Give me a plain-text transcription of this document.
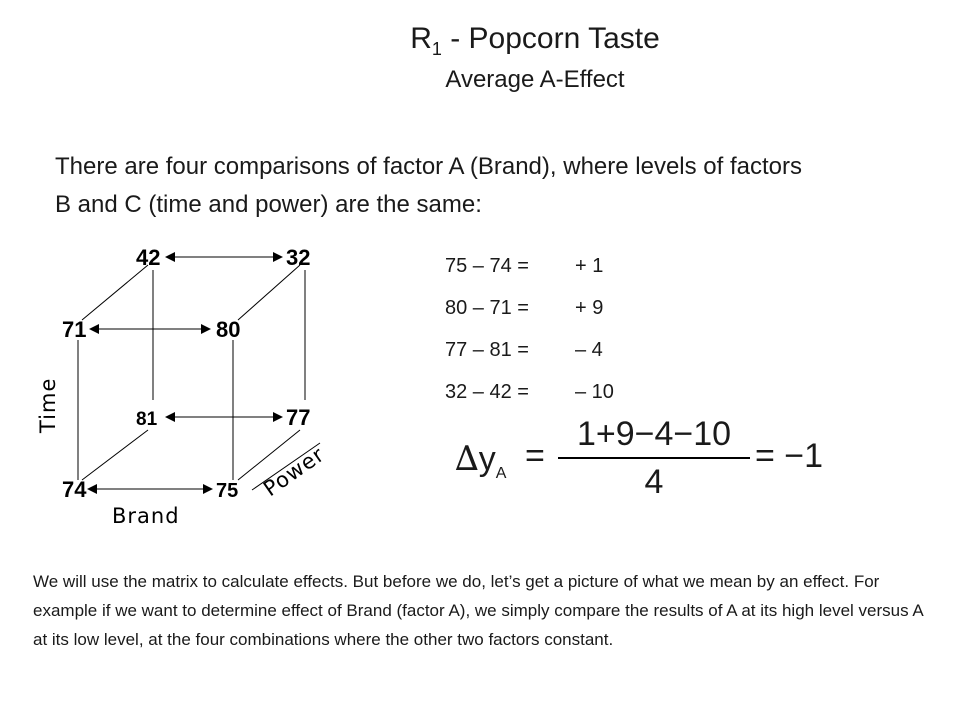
$R_1$ - Popcorn Taste
Average A-Effect
There are four comparisons of factor A (Brand), where levels of factors B and C (time and power) are the same:
42	32
71	80
81	77
74	75
Time
Brand
Power
75 – 74 = + 1
80 – 71 = + 9
77 – 81 = – 4
32 – 42 = – 10
$\Delta y_A$ =
1+9−4−10
4
= −1
We will use the matrix to calculate effects. But before we do, let’s get a picture of what we mean by an effect. For example if we want to determine effect of Brand (factor A), we simply compare the results of A at its high level versus A at its low level, at the four combinations where the other two factors constant.
